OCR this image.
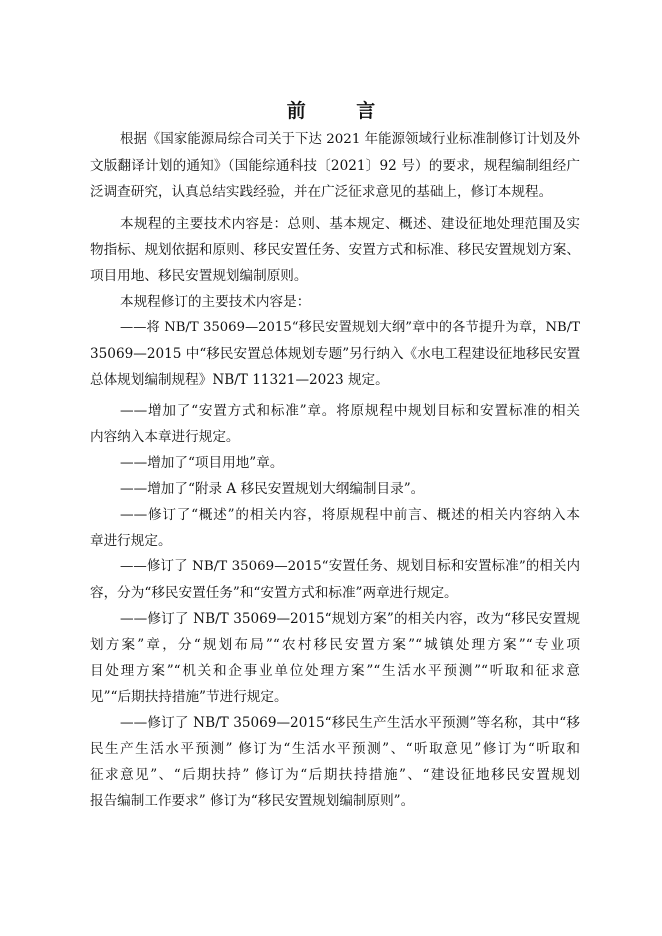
前 言
根据《国家能源局综合司关于下达 2021 年能源领域行业标准制修订计划及外
文版翻译计划的通知》（国能综通科技〔2021〕92 号）的要求，规程编制组经广
泛调查研究，认真总结实践经验，并在广泛征求意见的基础上，修订本规程。
本规程的主要技术内容是：总则、基本规定、概述、建设征地处理范围及实
物指标、规划依据和原则、移民安置任务、安置方式和标准、移民安置规划方案、
项目用地、移民安置规划编制原则。
本规程修订的主要技术内容是：
——将 NB/T 35069—2015“移民安置规划大纲”章中的各节提升为章，NB/T
35069—2015 中“移民安置总体规划专题”另行纳入《水电工程建设征地移民安置
总体规划编制规程》NB/T 11321—2023 规定。
——增加了“安置方式和标准”章。将原规程中规划目标和安置标准的相关
内容纳入本章进行规定。
——增加了“项目用地”章。
——增加了“附录 A 移民安置规划大纲编制目录”。
——修订了“概述”的相关内容，将原规程中前言、概述的相关内容纳入本
章进行规定。
——修订了 NB/T 35069—2015“安置任务、规划目标和安置标准”的相关内
容，分为“移民安置任务”和“安置方式和标准”两章进行规定。
——修订了 NB/T 35069—2015“规划方案”的相关内容，改为“移民安置规
划方案”章，分“规划布局”“农村移民安置方案”“城镇处理方案”“专业项
目处理方案”“机关和企事业单位处理方案”“生活水平预测”“听取和征求意
见”“后期扶持措施”节进行规定。
——修订了 NB/T 35069—2015“移民生产生活水平预测”等名称，其中“移
民生产生活水平预测” 修订为“生活水平预测”、“听取意见”修订为“听取和
征求意见”、“后期扶持” 修订为“后期扶持措施”、“建设征地移民安置规划
报告编制工作要求” 修订为“移民安置规划编制原则”。
